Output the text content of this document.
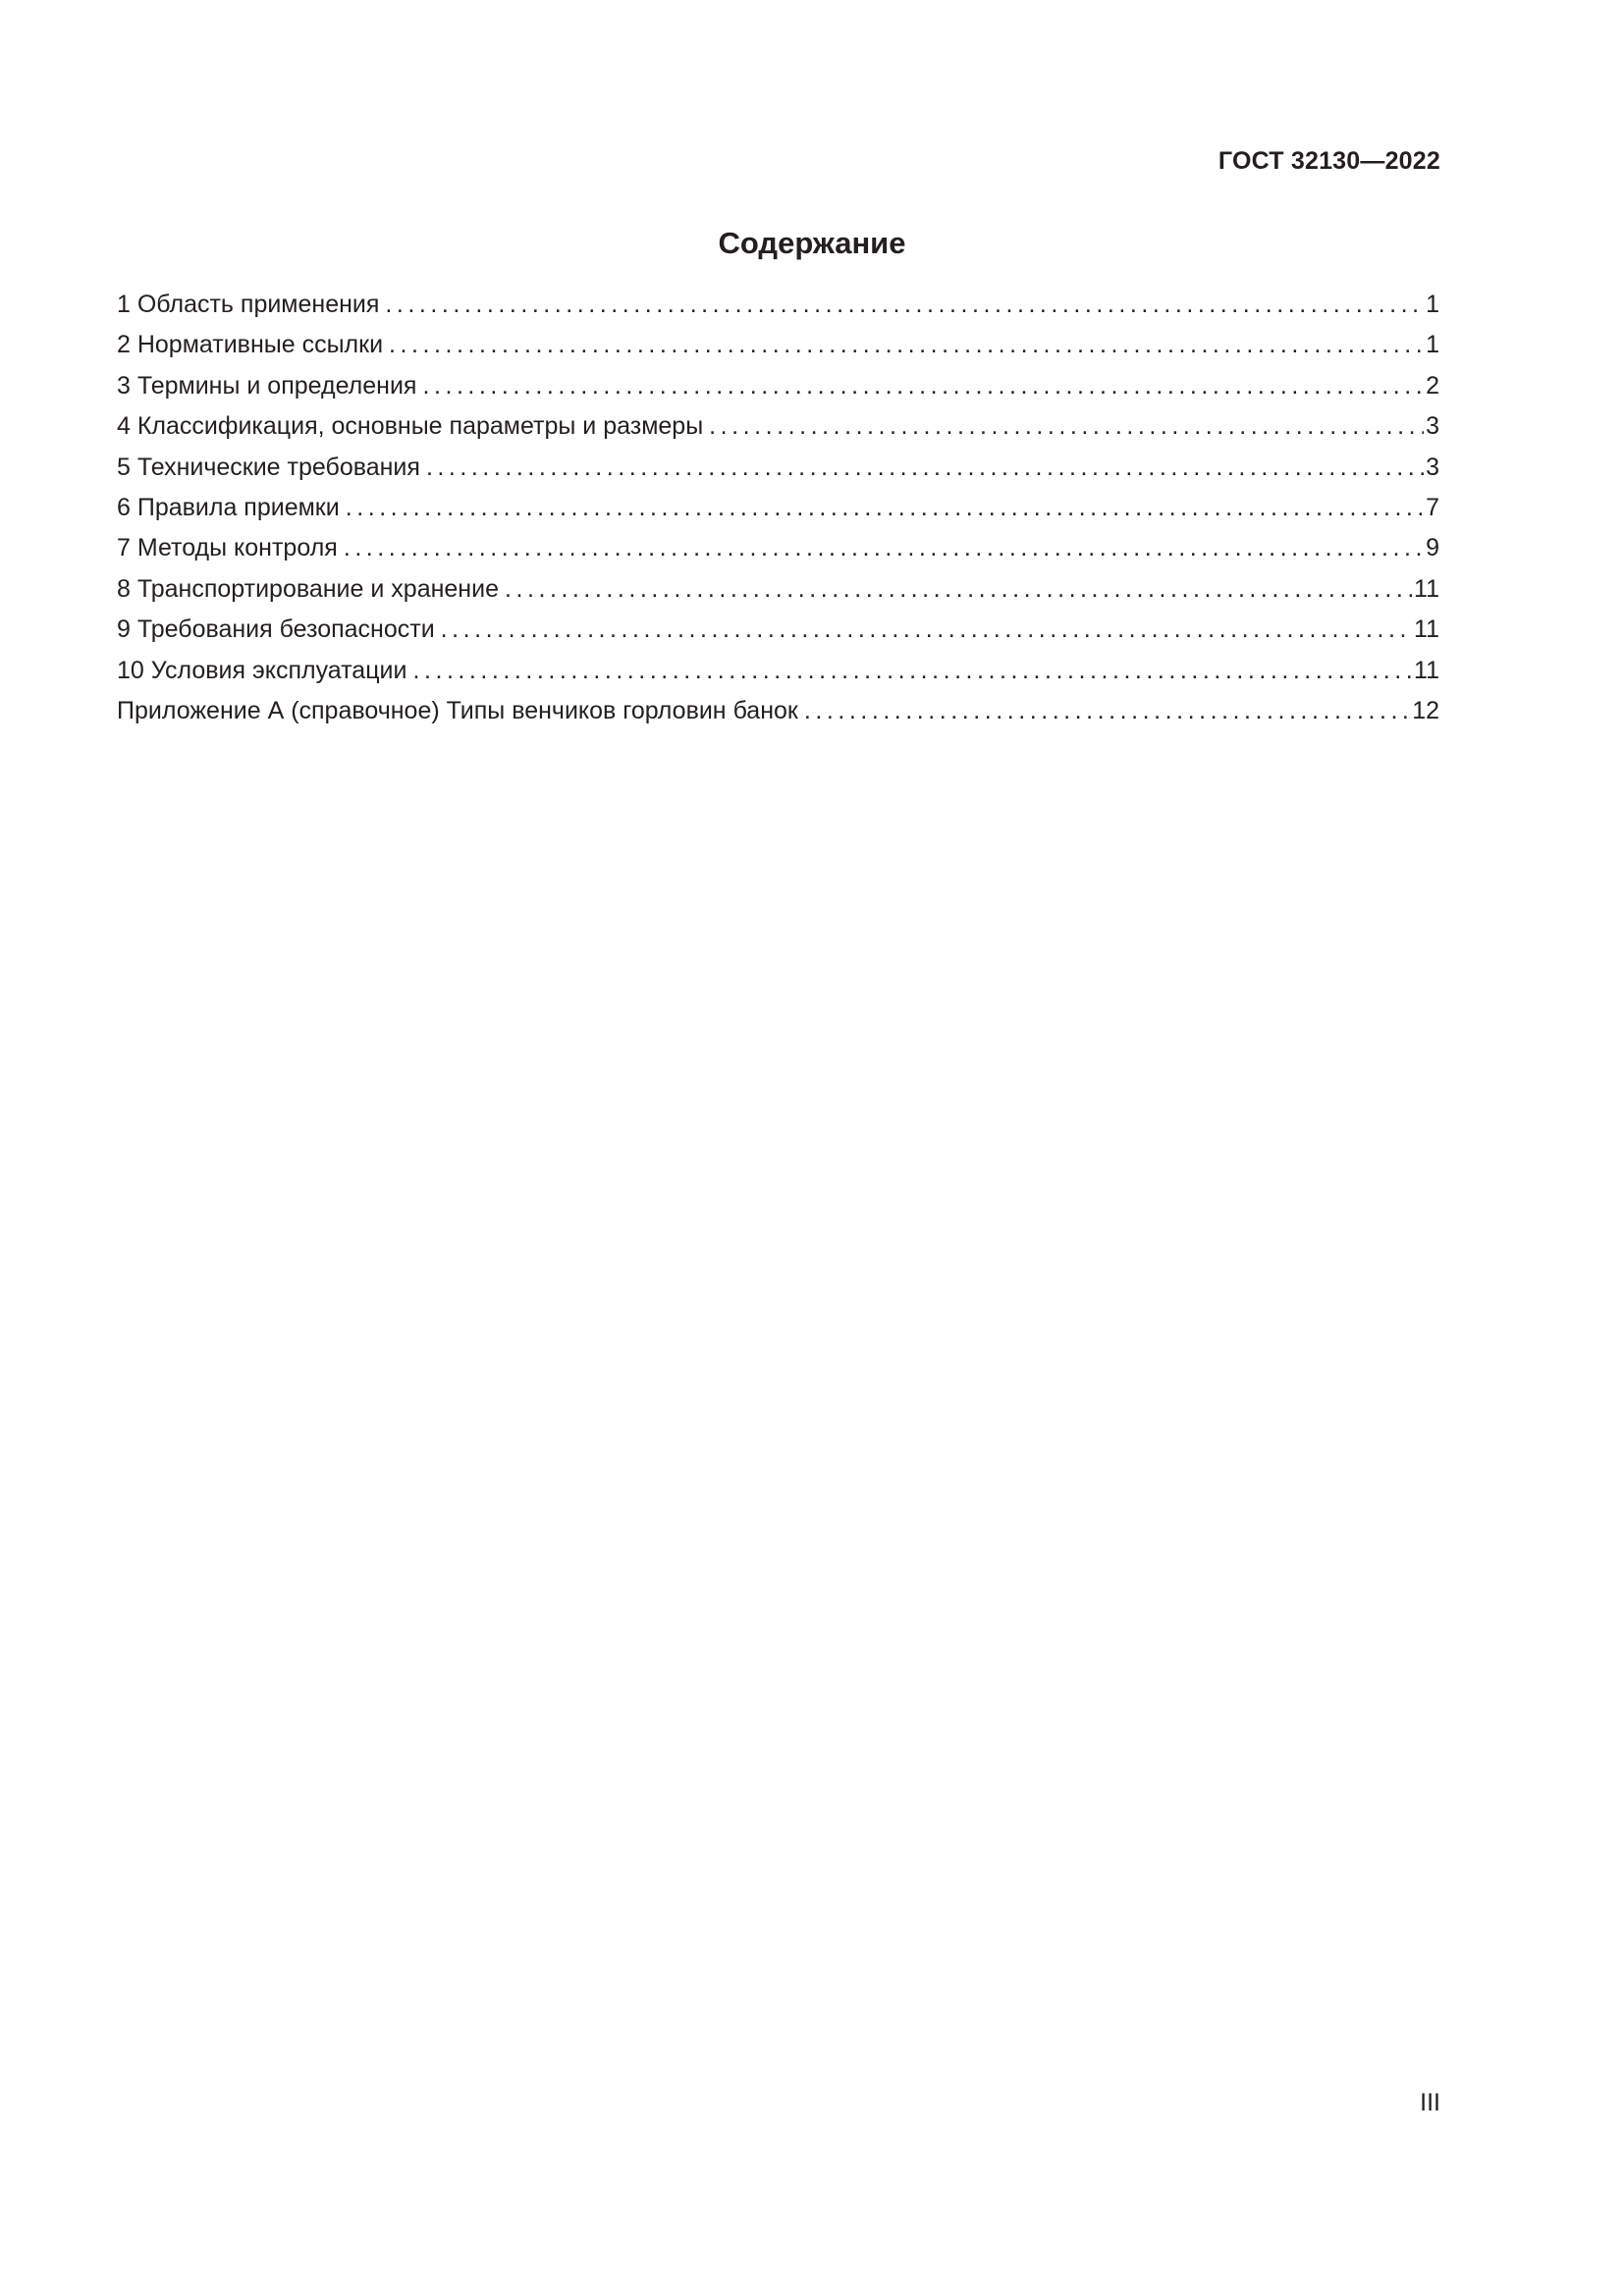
ГОСТ 32130—2022
Содержание
1 Область применения . . .	1
2 Нормативные ссылки . . .	1
3 Термины и определения . . .	2
4 Классификация, основные параметры и размеры . . .	3
5 Технические требования . . .	3
6 Правила приемки . . .	7
7 Методы контроля . . .	9
8 Транспортирование и хранение . . .	11
9 Требования безопасности . . .	11
10 Условия эксплуатации . . .	11
Приложение А (справочное) Типы венчиков горловин банок . . .	12
III
